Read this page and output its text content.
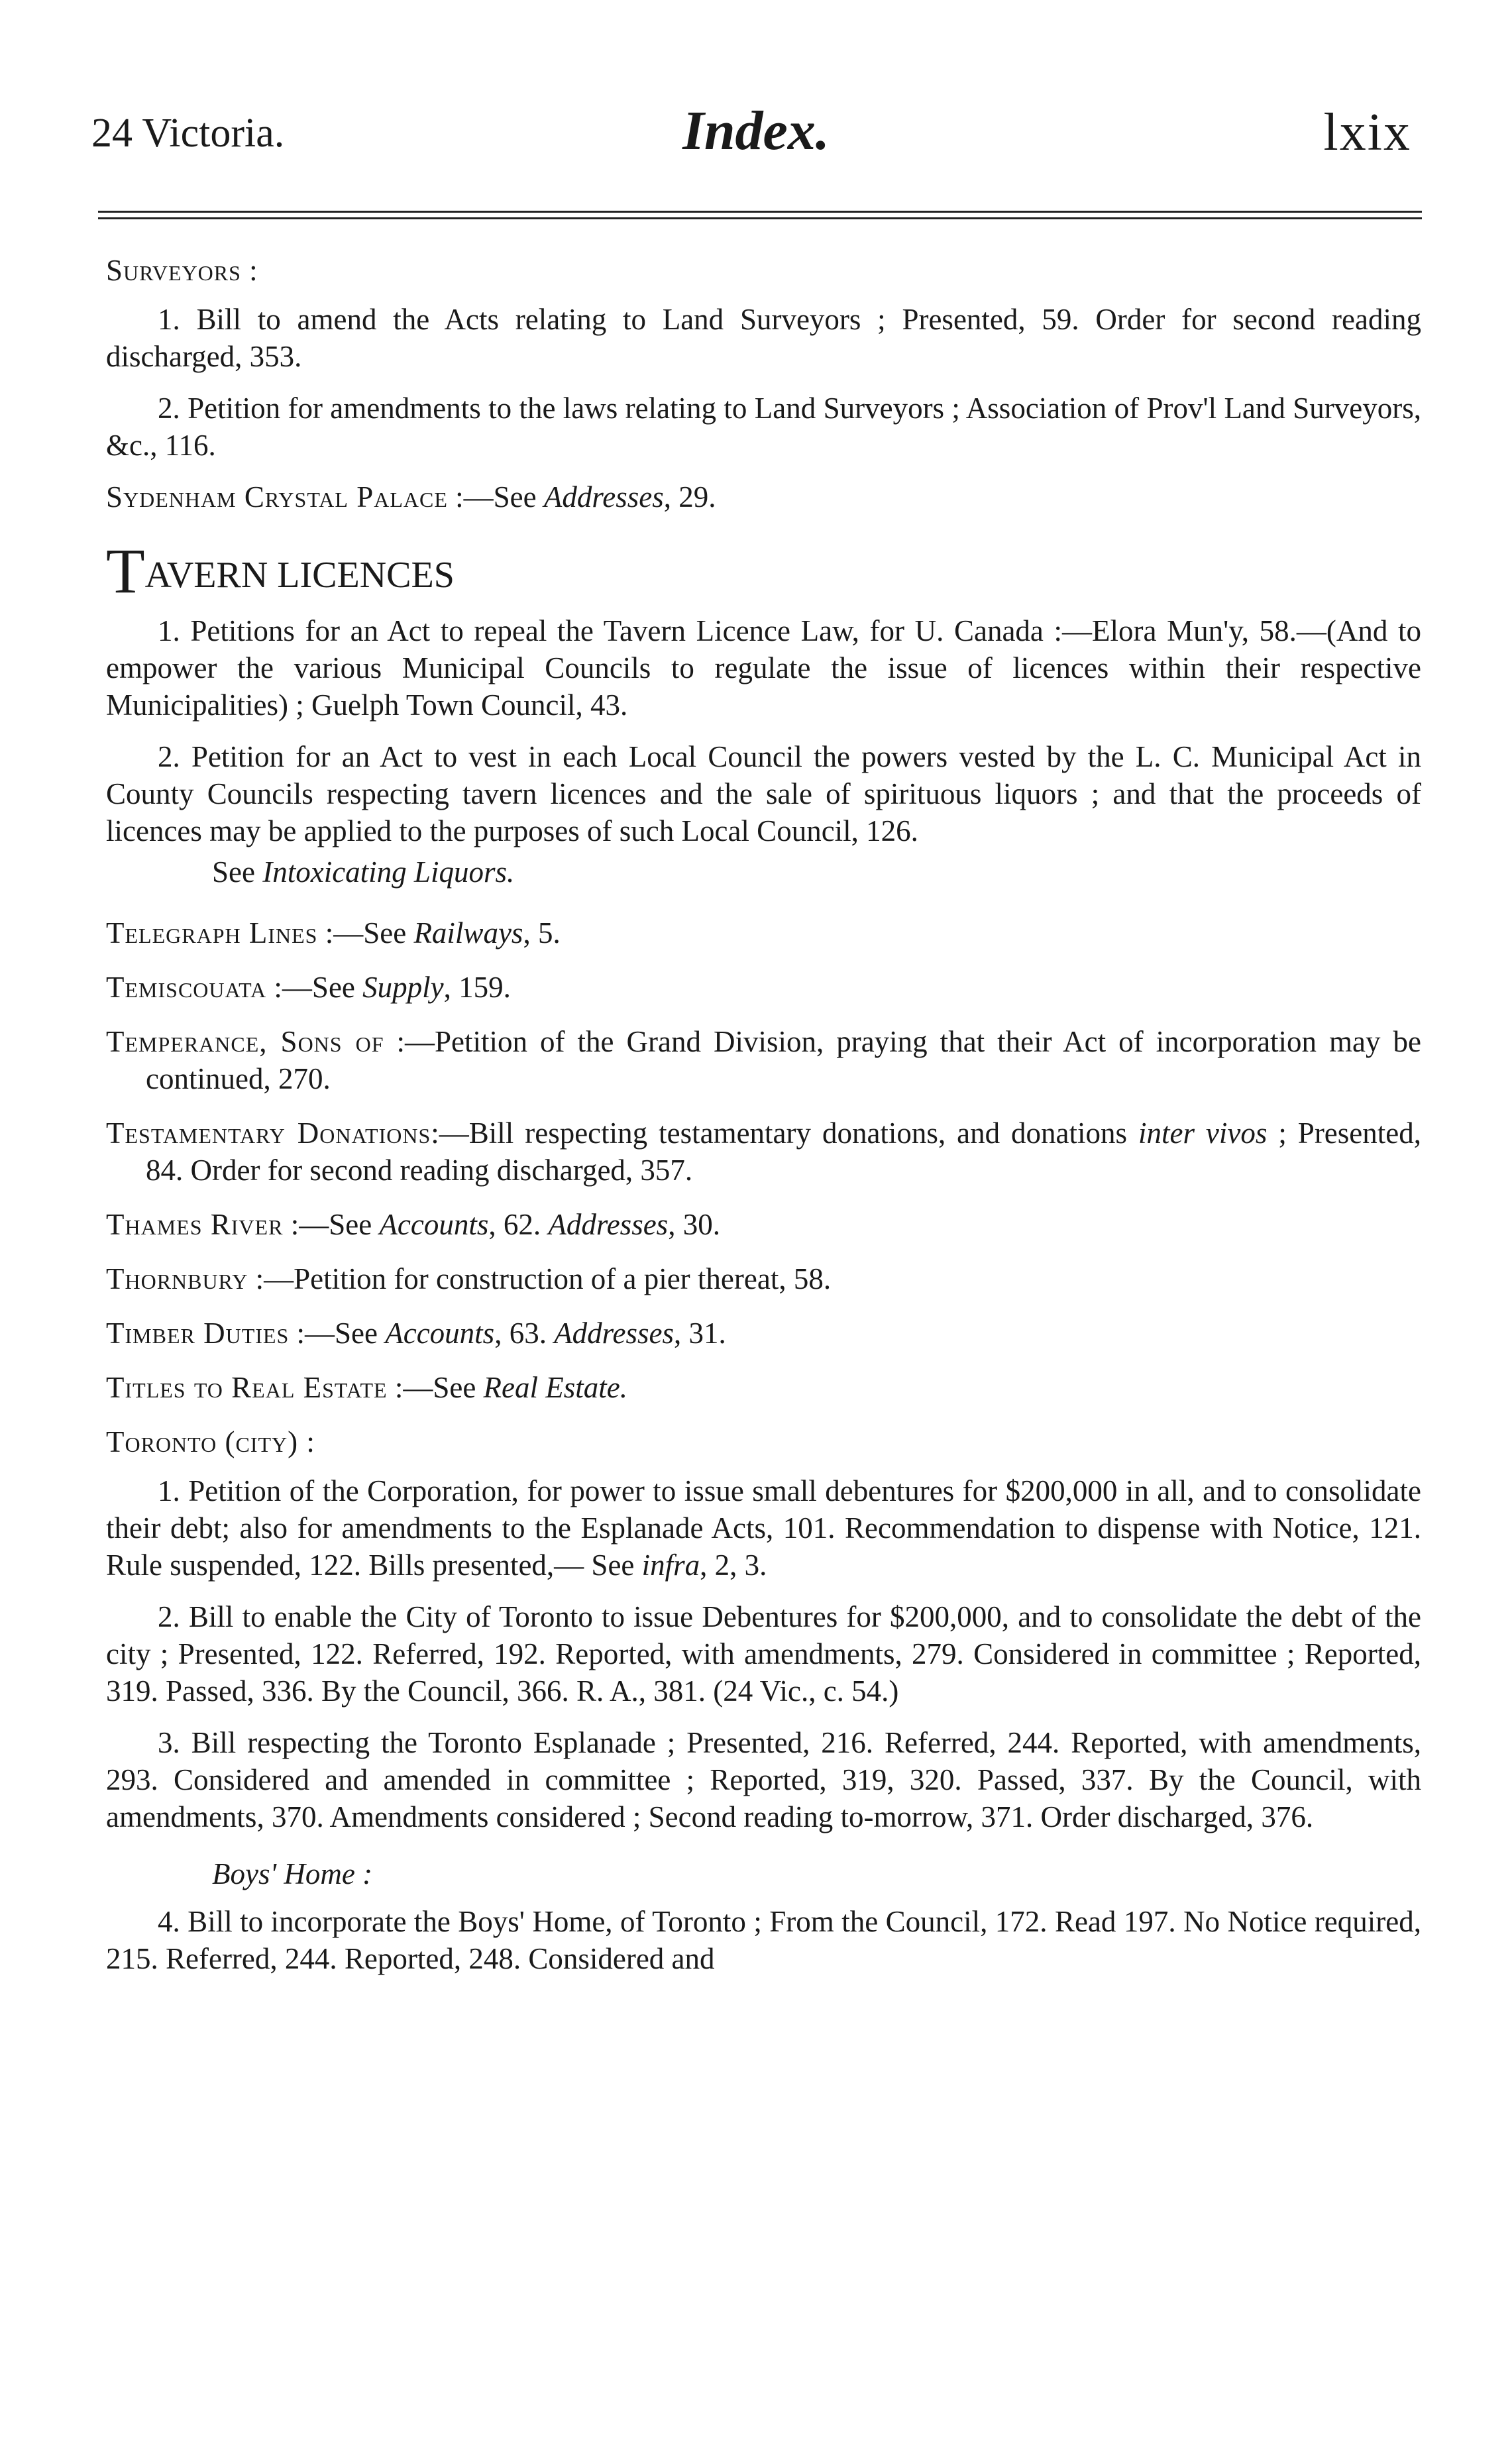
24 Victoria.	Index.	lxix
Surveyors :
1. Bill to amend the Acts relating to Land Surveyors ; Presented, 59. Order for second reading discharged, 353.
2. Petition for amendments to the laws relating to Land Surveyors ; Association of Prov'l Land Surveyors, &c., 116.
Sydenham Crystal Palace :—See Addresses, 29.
TAVERN LICENCES
1. Petitions for an Act to repeal the Tavern Licence Law, for U. Canada :—Elora Mun'y, 58.—(And to empower the various Municipal Councils to regulate the issue of licences within their respective Municipalities) ; Guelph Town Council, 43.
2. Petition for an Act to vest in each Local Council the powers vested by the L. C. Municipal Act in County Councils respecting tavern licences and the sale of spirituous liquors ; and that the proceeds of licences may be applied to the purposes of such Local Council, 126.
See Intoxicating Liquors.
Telegraph Lines :—See Railways, 5.
Temiscouata :—See Supply, 159.
Temperance, Sons of :—Petition of the Grand Division, praying that their Act of incorporation may be continued, 270.
Testamentary Donations:—Bill respecting testamentary donations, and donations inter vivos ; Presented, 84. Order for second reading discharged, 357.
Thames River :—See Accounts, 62. Addresses, 30.
Thornbury :—Petition for construction of a pier thereat, 58.
Timber Duties :—See Accounts, 63. Addresses, 31.
Titles to Real Estate :—See Real Estate.
Toronto (city) :
1. Petition of the Corporation, for power to issue small debentures for $200,000 in all, and to consolidate their debt; also for amendments to the Esplanade Acts, 101. Recommendation to dispense with Notice, 121. Rule suspended, 122. Bills presented,— See infra, 2, 3.
2. Bill to enable the City of Toronto to issue Debentures for $200,000, and to consolidate the debt of the city ; Presented, 122. Referred, 192. Reported, with amendments, 279. Considered in committee ; Reported, 319. Passed, 336. By the Council, 366. R. A., 381. (24 Vic., c. 54.)
3. Bill respecting the Toronto Esplanade ; Presented, 216. Referred, 244. Reported, with amendments, 293. Considered and amended in committee ; Reported, 319, 320. Passed, 337. By the Council, with amendments, 370. Amendments considered ; Second reading to-morrow, 371. Order discharged, 376.
Boys' Home :
4. Bill to incorporate the Boys' Home, of Toronto ; From the Council, 172. Read 197. No Notice required, 215. Referred, 244. Reported, 248. Considered and
